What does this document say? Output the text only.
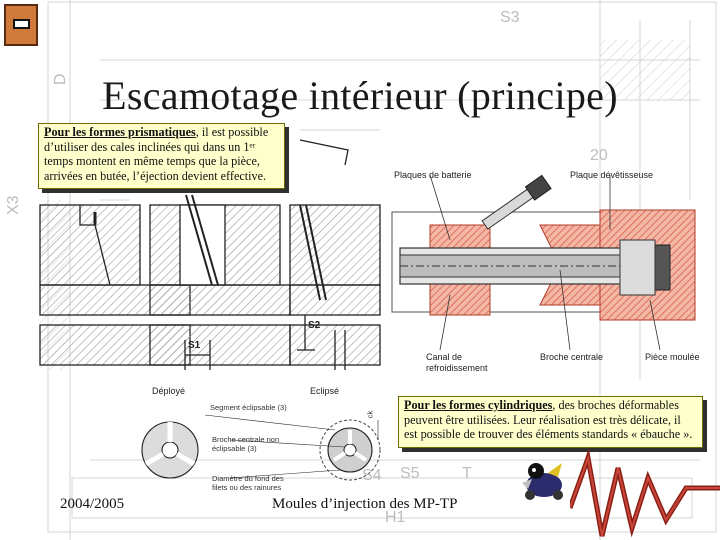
S3
20
S5	T
S4
H1
X3
D Escamotage intérieur (principe)
Pour les formes prismatiques, il est possible d’utiliser des cales inclinées qui dans un 1ᵉʳ temps montent en même temps que la pièce, arrivées en butée, l’éjection devient effective.
Pour les formes cylindriques, des broches déformables peuvent être utilisées. Leur réalisation est très délicate, il est possible de trouver des éléments standards « ébauche ».
Plaques de batterie	Plaque dévêtisseuse
Canal de
refroidissement
Broche centrale	Pièce moulée
S1
S2
Déployé	Eclipsé
Segment éclipsable (3)
Broche centrale non
éclipsable (3)
Diamètre du fond des
filets ou des rainures
ck
2004/2005	Moules d’injection des MP-TP
